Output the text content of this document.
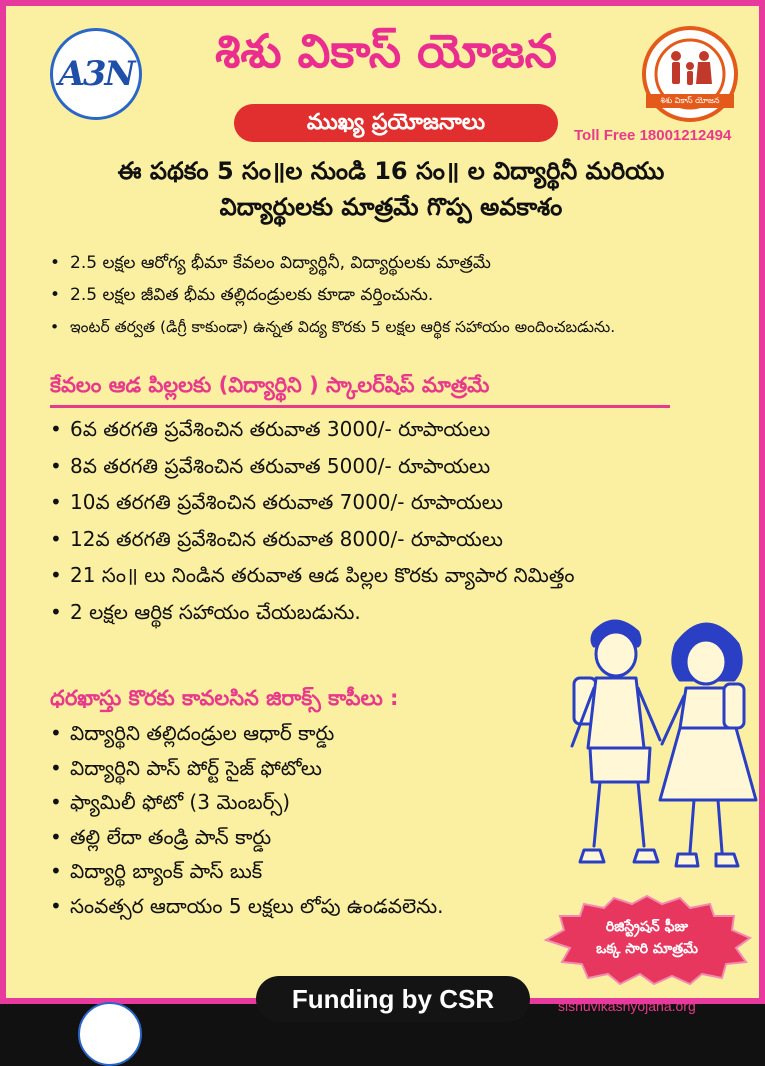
A3N	శిశు వికాస్ యోజన
శిశు వికాస్ యోజన
ముఖ్య ప్రయోజనాలు
Toll Free 18001212494
ఈ పథకం 5 సం॥ల నుండి 16 సం॥ ల విద్యార్థినీ మరియు
విద్యార్థులకు మాత్రమే గొప్ప అవకాశం
• 2.5 లక్షల ఆరోగ్య భీమా కేవలం విద్యార్థినీ, విద్యార్థులకు మాత్రమే
• 2.5 లక్షల జీవిత భీమ తల్లిదండ్రులకు కూడా వర్తించును.
• ఇంటర్ తర్వత (డిగ్రీ కాకుండా) ఉన్నత విద్య కొరకు 5 లక్షల ఆర్థిక సహాయం అందించబడును.
కేవలం ఆడ పిల్లలకు (విద్యార్థిని ) స్కాలర్‌షిప్ మాత్రమే
• 6వ తరగతి ప్రవేశించిన తరువాత 3000/- రూపాయలు
• 8వ తరగతి ప్రవేశించిన తరువాత 5000/- రూపాయలు
• 10వ తరగతి ప్రవేశించిన తరువాత 7000/- రూపాయలు
• 12వ తరగతి ప్రవేశించిన తరువాత 8000/- రూపాయలు
• 21 సం॥ లు నిండిన తరువాత ఆడ పిల్లల కొరకు వ్యాపార నిమిత్తం
• 2 లక్షల ఆర్థిక సహాయం చేయబడును.
ధరఖాస్తు కొరకు కావలసిన జిరాక్స్ కాపీలు :
• విద్యార్థిని తల్లిదండ్రుల ఆధార్ కార్డు
• విద్యార్థిని పాస్ పోర్ట్ సైజ్ ఫోటోలు
• ఫ్యామిలీ ఫోటో (3 మెంబర్స్)
• తల్లి లేదా తండ్రి పాన్ కార్డు
• విద్యార్థి బ్యాంక్ పాస్ బుక్
• సంవత్సర ఆదాయం 5 లక్షలు లోపు ఉండవలెను.
రిజిస్ట్రేషన్ ఫీజు
ఒక్క సారి మాత్రమే
Funding by CSR	sishuvikashyojana.org
